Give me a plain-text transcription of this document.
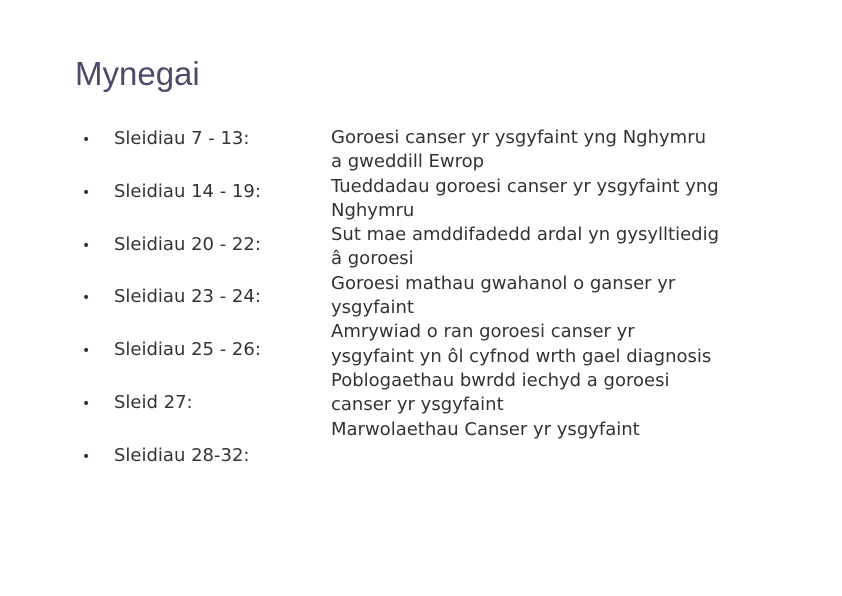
Mynegai
• Sleidiau 7 - 13:
• Sleidiau 14 - 19:
• Sleidiau 20 - 22:
• Sleidiau 23 - 24:
• Sleidiau 25 - 26:
• Sleid 27:
• Sleidiau 28-32:
Goroesi canser yr ysgyfaint yng Nghymru
a gweddill Ewrop
Tueddadau goroesi canser yr ysgyfaint yng
Nghymru
Sut mae amddifadedd ardal yn gysylltiedig
â goroesi
Goroesi mathau gwahanol o ganser yr
ysgyfaint
Amrywiad o ran goroesi canser yr
ysgyfaint yn ôl cyfnod wrth gael diagnosis
Poblogaethau bwrdd iechyd a goroesi
canser yr ysgyfaint
Marwolaethau Canser yr ysgyfaint
